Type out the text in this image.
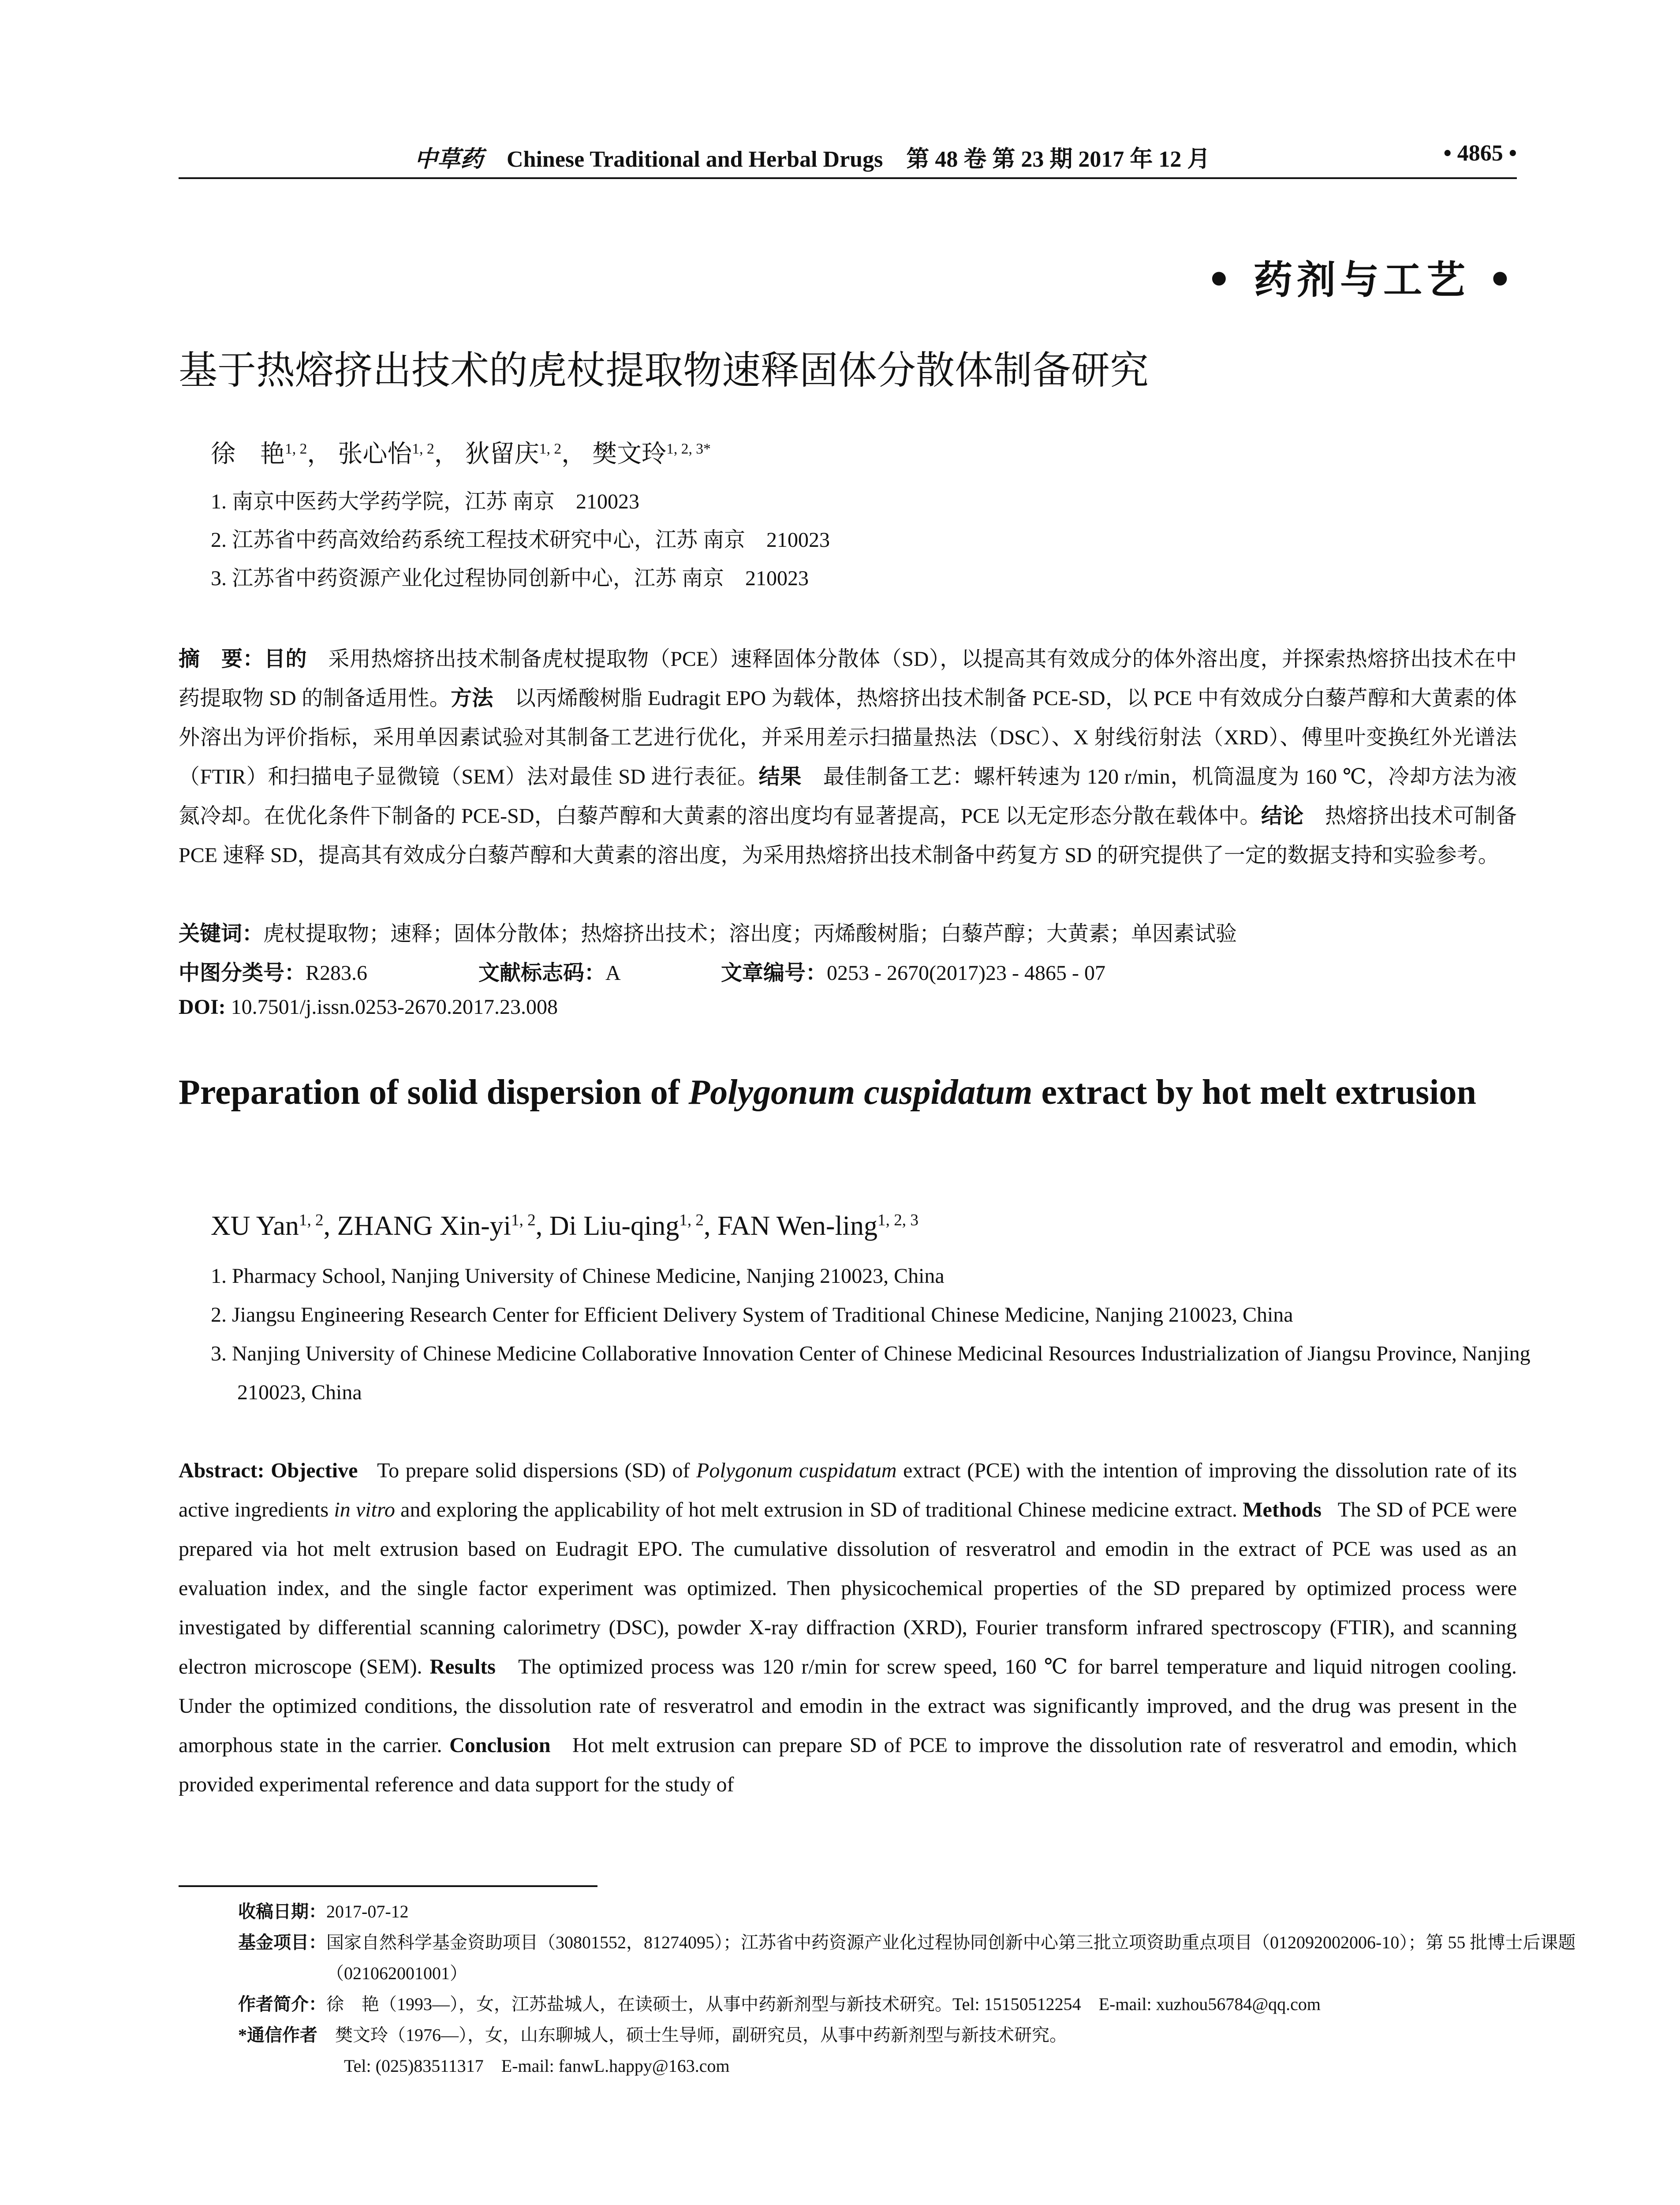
中草药 Chinese Traditional and Herbal Drugs 第 48 卷 第 23 期 2017 年 12 月	• 4865 •
• 药剂与工艺 •
基于热熔挤出技术的虎杖提取物速释固体分散体制备研究
徐　艳$^{1, 2}$， 张心怡$^{1, 2}$， 狄留庆$^{1, 2}$， 樊文玲$^{1, 2, 3*}$
1. 南京中医药大学药学院，江苏 南京　210023
2. 江苏省中药高效给药系统工程技术研究中心，江苏 南京　210023
3. 江苏省中药资源产业化过程协同创新中心，江苏 南京　210023
摘　要：目的　 采用热熔挤出技术制备虎杖提取物（PCE）速释固体分散体（SD），以提高其有效成分的体外溶出度，并探索热熔挤出技术在中药提取物 SD 的制备适用性。方法　 以丙烯酸树脂 Eudragit EPO 为载体，热熔挤出技术制备 PCE-SD，以 PCE 中有效成分白藜芦醇和大黄素的体外溶出为评价指标，采用单因素试验对其制备工艺进行优化，并采用差示扫描量热法（DSC）、X 射线衍射法（XRD）、傅里叶变换红外光谱法（FTIR）和扫描电子显微镜（SEM）法对最佳 SD 进行表征。结果　 最佳制备工艺：螺杆转速为 120 r/min，机筒温度为 160 ℃，冷却方法为液氮冷却。在优化条件下制备的 PCE-SD，白藜芦醇和大黄素的溶出度均有显著提高，PCE 以无定形态分散在载体中。结论　 热熔挤出技术可制备 PCE 速释 SD，提高其有效成分白藜芦醇和大黄素的溶出度，为采用热熔挤出技术制备中药复方 SD 的研究提供了一定的数据支持和实验参考。
关键词：虎杖提取物；速释；固体分散体；热熔挤出技术；溶出度；丙烯酸树脂；白藜芦醇；大黄素；单因素试验
中图分类号：R283.6	文献标志码：A	文章编号：0253 - 2670(2017)23 - 4865 - 07
DOI: 10.7501/j.issn.0253-2670.2017.23.008
Preparation of solid dispersion of Polygonum cuspidatum extract by hot melt extrusion
XU Yan$^{1, 2}$, ZHANG Xin-yi$^{1, 2}$, Di Liu-qing$^{1, 2}$, FAN Wen-ling$^{1, 2, 3}$
1. Pharmacy School, Nanjing University of Chinese Medicine, Nanjing 210023, China
2. Jiangsu Engineering Research Center for Efficient Delivery System of Traditional Chinese Medicine, Nanjing 210023, China
3. Nanjing University of Chinese Medicine Collaborative Innovation Center of Chinese Medicinal Resources Industrialization of Jiangsu Province, Nanjing 210023, China
Abstract: Objective To prepare solid dispersions (SD) of Polygonum cuspidatum extract (PCE) with the intention of improving the dissolution rate of its active ingredients in vitro and exploring the applicability of hot melt extrusion in SD of traditional Chinese medicine extract. Methods The SD of PCE were prepared via hot melt extrusion based on Eudragit EPO. The cumulative dissolution of resveratrol and emodin in the extract of PCE was used as an evaluation index, and the single factor experiment was optimized. Then physicochemical properties of the SD prepared by optimized process were investigated by differential scanning calorimetry (DSC), powder X-ray diffraction (XRD), Fourier transform infrared spectroscopy (FTIR), and scanning electron microscope (SEM). Results The optimized process was 120 r/min for screw speed, 160 ℃ for barrel temperature and liquid nitrogen cooling. Under the optimized conditions, the dissolution rate of resveratrol and emodin in the extract was significantly improved, and the drug was present in the amorphous state in the carrier. Conclusion Hot melt extrusion can prepare SD of PCE to improve the dissolution rate of resveratrol and emodin, which provided experimental reference and data support for the study of
收稿日期：2017-07-12
基金项目：国家自然科学基金资助项目（30801552，81274095）；江苏省中药资源产业化过程协同创新中心第三批立项资助重点项目（012092002006-10）；第 55 批博士后课题（021062001001）
作者简介：徐　艳（1993—），女，江苏盐城人，在读硕士，从事中药新剂型与新技术研究。Tel: 15150512254　E-mail: xuzhou56784@qq.com
*通信作者　 樊文玲（1976—），女，山东聊城人，硕士生导师，副研究员，从事中药新剂型与新技术研究。
Tel: (025)83511317　E-mail: fanwL.happy@163.com
